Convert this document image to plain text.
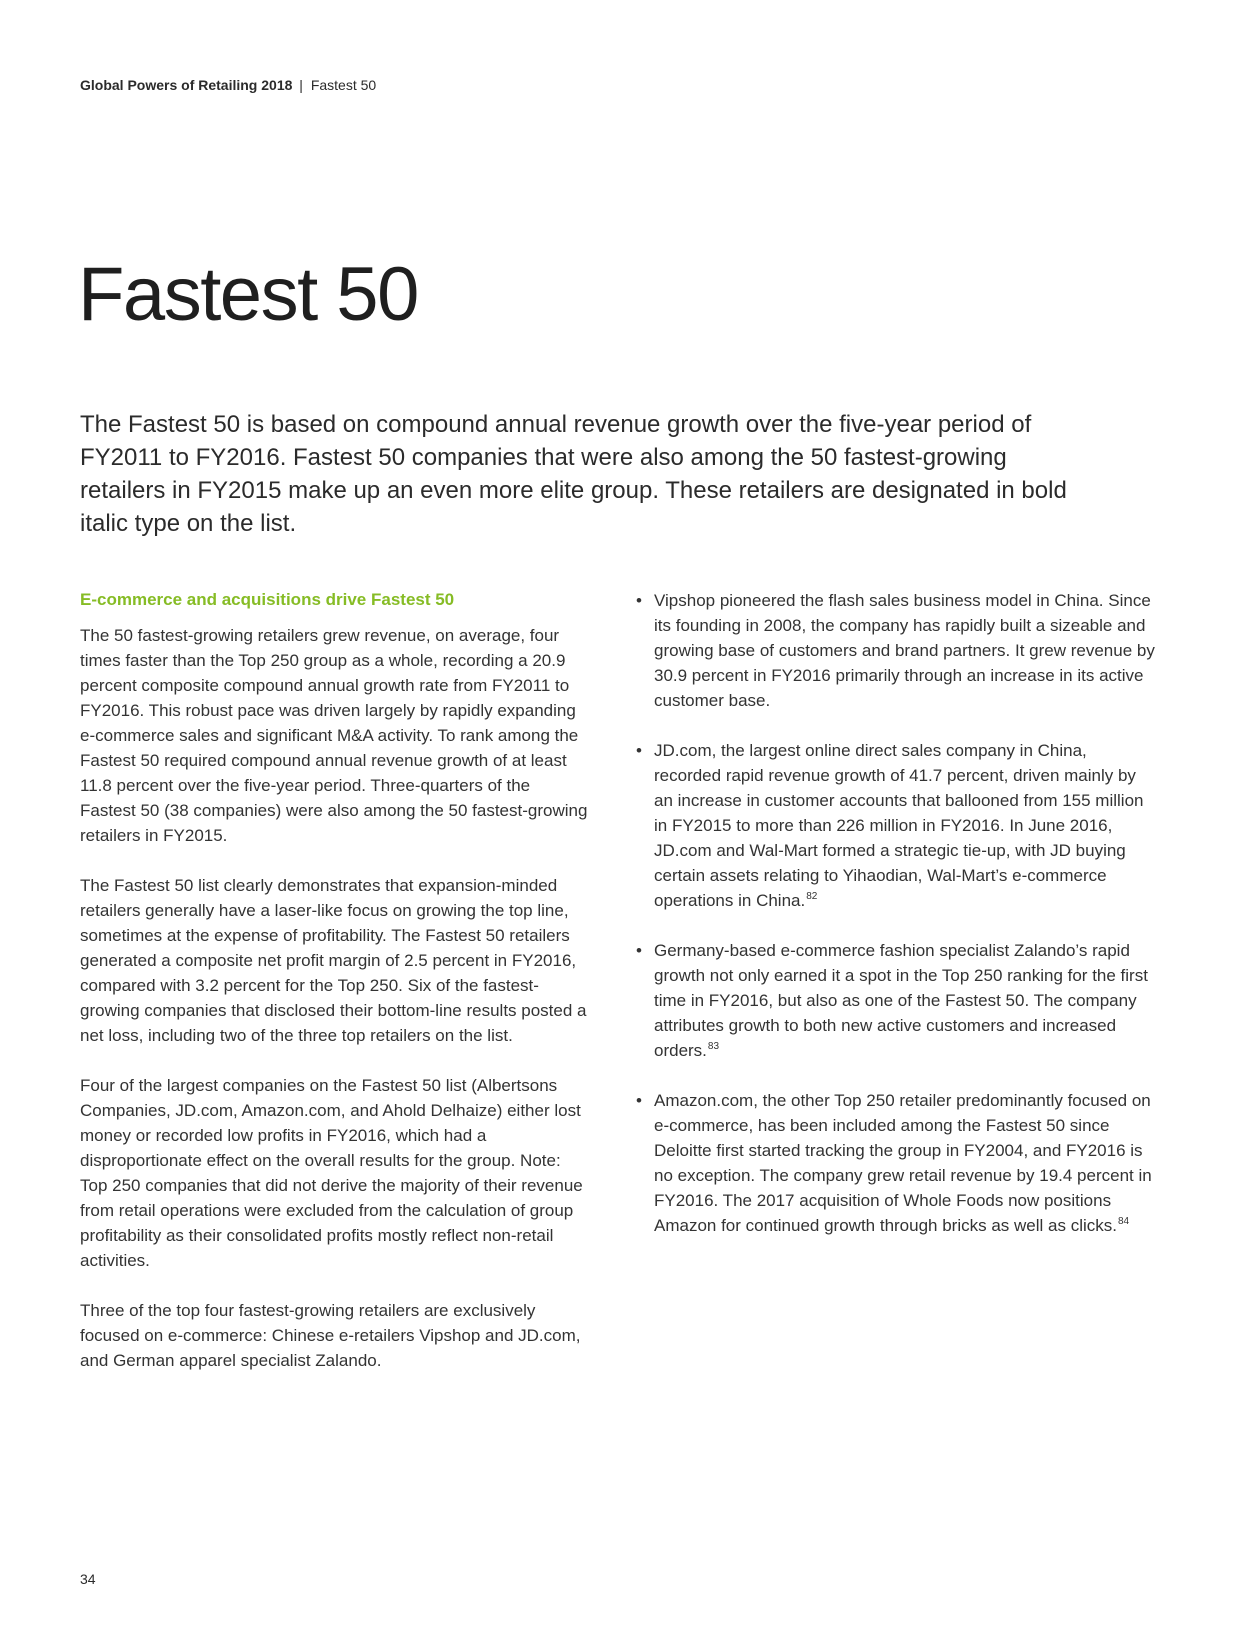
Global Powers of Retailing 2018 | Fastest 50
Fastest 50

The Fastest 50 is based on compound annual revenue growth over the five-year period of FY2011 to FY2016. Fastest 50 companies that were also among the 50 fastest-growing retailers in FY2015 make up an even more elite group. These retailers are designated in bold italic type on the list.

E-commerce and acquisitions drive Fastest 50

The 50 fastest-growing retailers grew revenue, on average, four times faster than the Top 250 group as a whole, recording a 20.9 percent composite compound annual growth rate from FY2011 to FY2016. This robust pace was driven largely by rapidly expanding e-commerce sales and significant M&A activity. To rank among the Fastest 50 required compound annual revenue growth of at least 11.8 percent over the five-year period. Three-quarters of the Fastest 50 (38 companies) were also among the 50 fastest-growing retailers in FY2015.

The Fastest 50 list clearly demonstrates that expansion-minded retailers generally have a laser-like focus on growing the top line, sometimes at the expense of profitability. The Fastest 50 retailers generated a composite net profit margin of 2.5 percent in FY2016, compared with 3.2 percent for the Top 250. Six of the fastest-growing companies that disclosed their bottom-line results posted a net loss, including two of the three top retailers on the list.

Four of the largest companies on the Fastest 50 list (Albertsons Companies, JD.com, Amazon.com, and Ahold Delhaize) either lost money or recorded low profits in FY2016, which had a disproportionate effect on the overall results for the group. Note: Top 250 companies that did not derive the majority of their revenue from retail operations were excluded from the calculation of group profitability as their consolidated profits mostly reflect non-retail activities.

Three of the top four fastest-growing retailers are exclusively focused on e-commerce: Chinese e-retailers Vipshop and JD.com, and German apparel specialist Zalando.

• Vipshop pioneered the flash sales business model in China. Since its founding in 2008, the company has rapidly built a sizeable and growing base of customers and brand partners. It grew revenue by 30.9 percent in FY2016 primarily through an increase in its active customer base.
• JD.com, the largest online direct sales company in China, recorded rapid revenue growth of 41.7 percent, driven mainly by an increase in customer accounts that ballooned from 155 million in FY2015 to more than 226 million in FY2016. In June 2016, JD.com and Wal-Mart formed a strategic tie-up, with JD buying certain assets relating to Yihaodian, Wal-Mart’s e-commerce operations in China.$^{82}$
• Germany-based e-commerce fashion specialist Zalando’s rapid growth not only earned it a spot in the Top 250 ranking for the first time in FY2016, but also as one of the Fastest 50. The company attributes growth to both new active customers and increased orders.$^{83}$
• Amazon.com, the other Top 250 retailer predominantly focused on e-commerce, has been included among the Fastest 50 since Deloitte first started tracking the group in FY2004, and FY2016 is no exception. The company grew retail revenue by 19.4 percent in FY2016. The 2017 acquisition of Whole Foods now positions Amazon for continued growth through bricks as well as clicks.$^{84}$
34
